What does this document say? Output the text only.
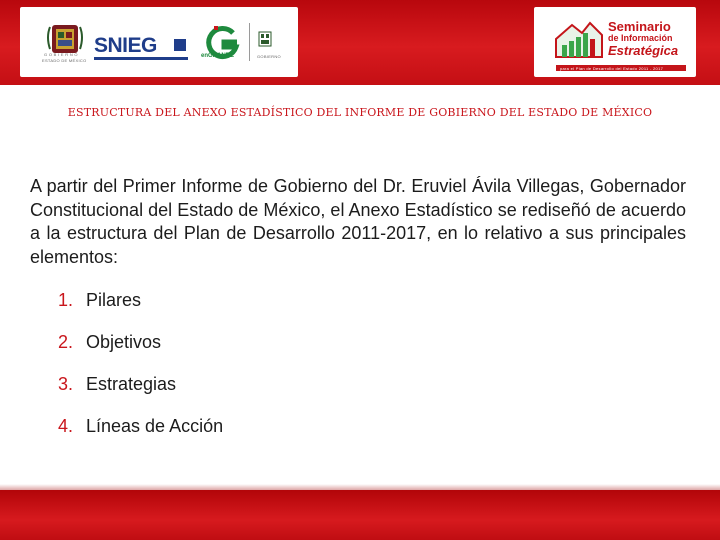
G O B I E R N O
ESTADO DE MÉXICO
SNIEG	enGRANDE	GOBIERNO
Seminario
de Información
Estratégica
para el Plan de Desarrollo del Estado 2011 - 2017
ESTRUCTURA DEL ANEXO ESTADÍSTICO DEL INFORME DE GOBIERNO DEL ESTADO DE MÉXICO
A partir del Primer Informe de Gobierno del Dr. Eruviel Ávila Villegas, Gobernador Constitucional del Estado de México, el Anexo Estadístico se rediseñó de acuerdo a la estructura del Plan de Desarrollo 2011-2017, en lo relativo a sus principales elementos:
1. Pilares
2. Objetivos
3. Estrategias
4. Líneas de Acción
